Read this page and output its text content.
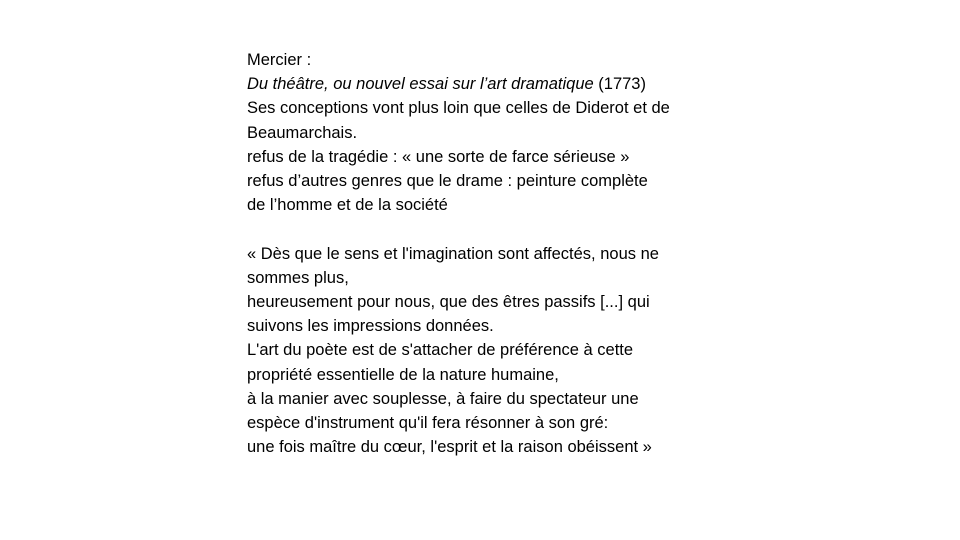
Mercier :
Du théâtre, ou nouvel essai sur l’art dramatique (1773)
Ses conceptions vont plus loin que celles de Diderot et de
Beaumarchais.
refus de la tragédie : « une sorte de farce sérieuse »
refus d’autres genres que le drame : peinture complète
de l’homme et de la société
« Dès que le sens et l'imagination sont affectés, nous ne
sommes plus,
heureusement pour nous, que des êtres passifs [...] qui
suivons les impressions données.
L'art du poète est de s'attacher de préférence à cette
propriété essentielle de la nature humaine,
à la manier avec souplesse, à faire du spectateur une
espèce d'instrument qu'il fera résonner à son gré:
une fois maître du cœur, l'esprit et la raison obéissent »
